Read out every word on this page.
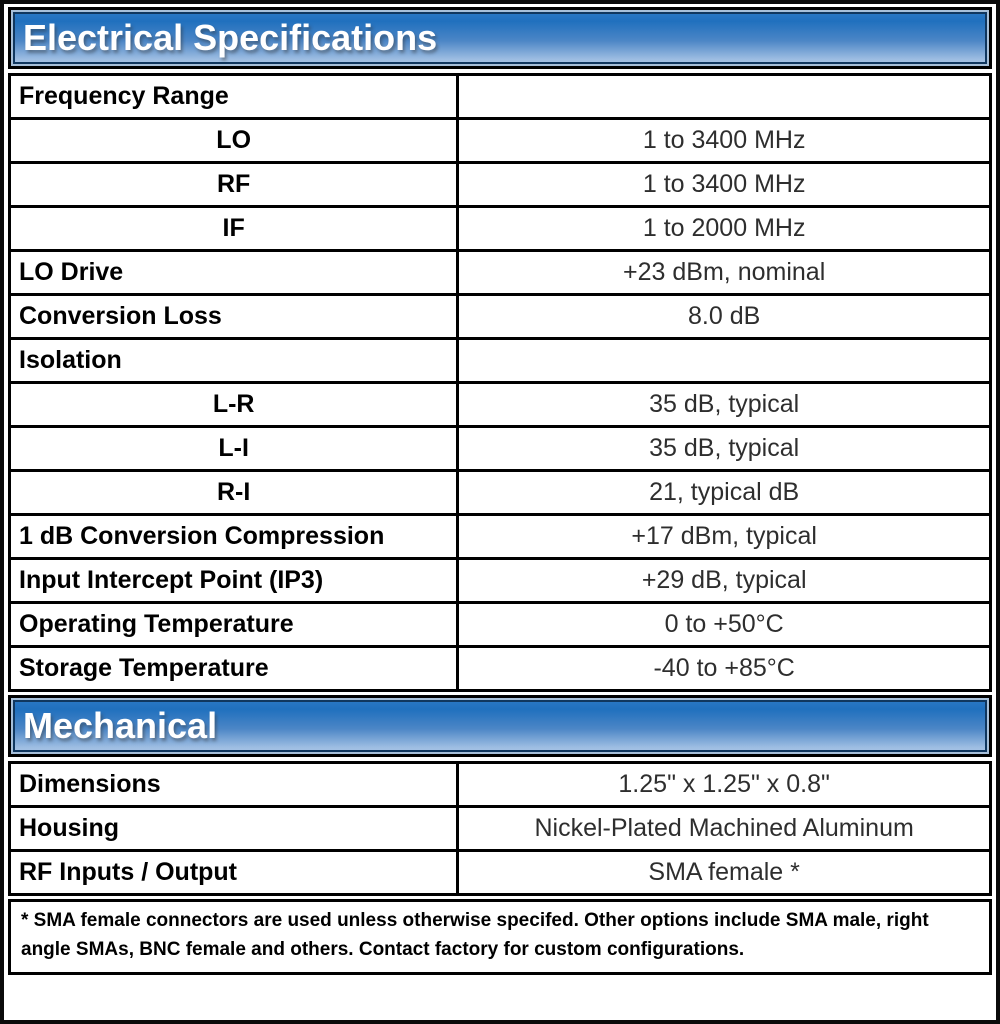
Electrical Specifications
Frequency Range	
LO	1 to 3400 MHz
RF	1 to 3400 MHz
IF	1 to 2000 MHz
LO Drive	+23 dBm, nominal
Conversion Loss	8.0 dB
Isolation	
L-R	35 dB, typical
L-I	35 dB, typical
R-I	21, typical dB
1 dB Conversion Compression	+17 dBm, typical
Input Intercept Point (IP3)	+29 dB, typical
Operating Temperature	0 to +50°C
Storage Temperature	-40 to +85°C
Mechanical
Dimensions	1.25" x 1.25" x 0.8"
Housing	Nickel-Plated Machined Aluminum
RF Inputs / Output	SMA female *
* SMA female connectors are used unless otherwise specifed. Other options include SMA male, right angle SMAs, BNC female and others. Contact factory for custom configurations.
